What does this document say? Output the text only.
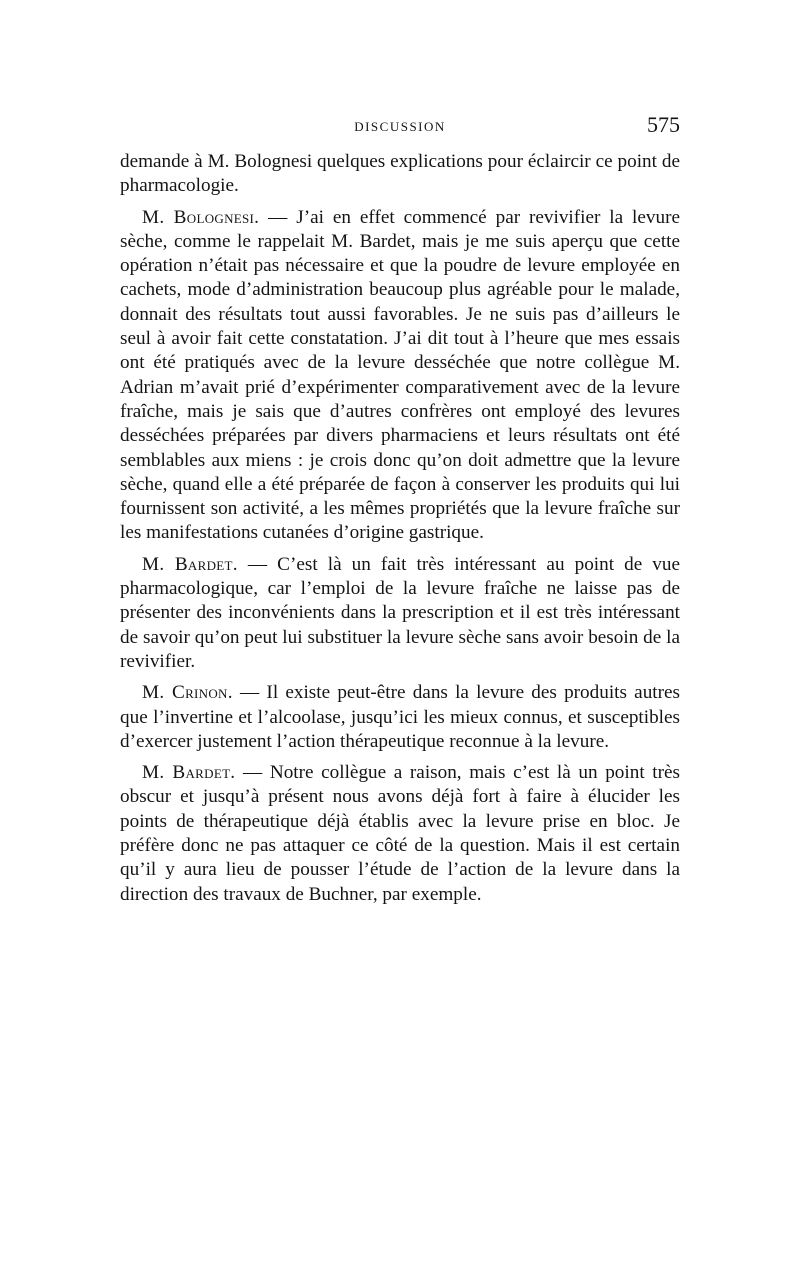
DISCUSSION	575

demande à M. Bolognesi quelques explications pour éclaircir ce point de pharmacologie.

M. Bolognesi. — J’ai en effet commencé par revivifier la levure sèche, comme le rappelait M. Bardet, mais je me suis aperçu que cette opération n’était pas nécessaire et que la poudre de levure employée en cachets, mode d’administration beaucoup plus agréable pour le malade, donnait des résultats tout aussi favorables. Je ne suis pas d’ailleurs le seul à avoir fait cette constatation. J’ai dit tout à l’heure que mes essais ont été pratiqués avec de la levure desséchée que notre collègue M. Adrian m’avait prié d’expérimenter comparativement avec de la levure fraîche, mais je sais que d’autres confrères ont employé des levures desséchées préparées par divers pharmaciens et leurs résultats ont été semblables aux miens : je crois donc qu’on doit admettre que la levure sèche, quand elle a été préparée de façon à conserver les produits qui lui fournissent son activité, a les mêmes propriétés que la levure fraîche sur les manifestations cutanées d’origine gastrique.

M. Bardet. — C’est là un fait très intéressant au point de vue pharmacologique, car l’emploi de la levure fraîche ne laisse pas de présenter des inconvénients dans la prescription et il est très intéressant de savoir qu’on peut lui substituer la levure sèche sans avoir besoin de la revivifier.

M. Crinon. — Il existe peut-être dans la levure des produits autres que l’invertine et l’alcoolase, jusqu’ici les mieux connus, et susceptibles d’exercer justement l’action thérapeutique reconnue à la levure.

M. Bardet. — Notre collègue a raison, mais c’est là un point très obscur et jusqu’à présent nous avons déjà fort à faire à élucider les points de thérapeutique déjà établis avec la levure prise en bloc. Je préfère donc ne pas attaquer ce côté de la question. Mais il est certain qu’il y aura lieu de pousser l’étude de l’action de la levure dans la direction des travaux de Buchner, par exemple.
